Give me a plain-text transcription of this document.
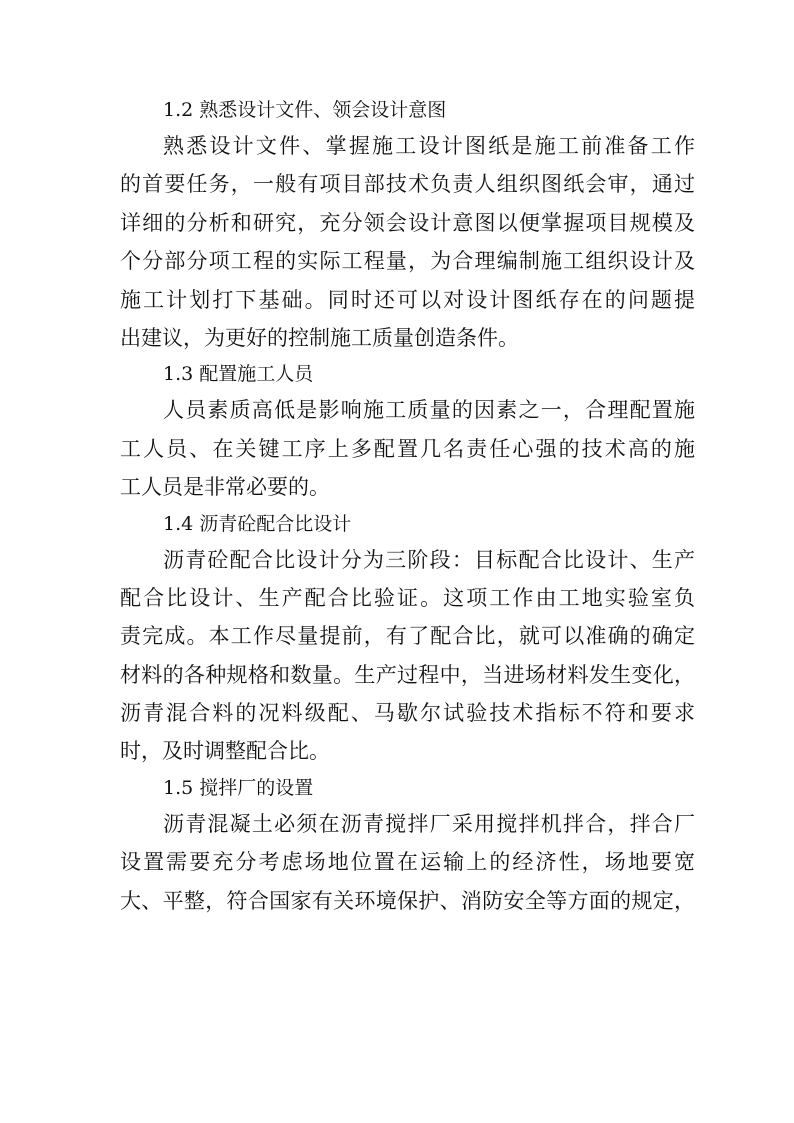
1.2 熟悉设计文件、领会设计意图
熟悉设计文件、掌握施工设计图纸是施工前准备工作
的首要任务，一般有项目部技术负责人组织图纸会审，通过
详细的分析和研究，充分领会设计意图以便掌握项目规模及
个分部分项工程的实际工程量，为合理编制施工组织设计及
施工计划打下基础。同时还可以对设计图纸存在的问题提
出建议，为更好的控制施工质量创造条件。
1.3 配置施工人员
人员素质高低是影响施工质量的因素之一，合理配置施
工人员、在关键工序上多配置几名责任心强的技术高的施
工人员是非常必要的。
1.4 沥青砼配合比设计
沥青砼配合比设计分为三阶段：目标配合比设计、生产
配合比设计、生产配合比验证。这项工作由工地实验室负
责完成。本工作尽量提前，有了配合比，就可以准确的确定
材料的各种规格和数量。生产过程中，当进场材料发生变化，
沥青混合料的况料级配、马歇尔试验技术指标不符和要求
时，及时调整配合比。
1.5 搅拌厂的设置
沥青混凝土必须在沥青搅拌厂采用搅拌机拌合，拌合厂
设置需要充分考虑场地位置在运输上的经济性，场地要宽
大、平整，符合国家有关环境保护、消防安全等方面的规定，
